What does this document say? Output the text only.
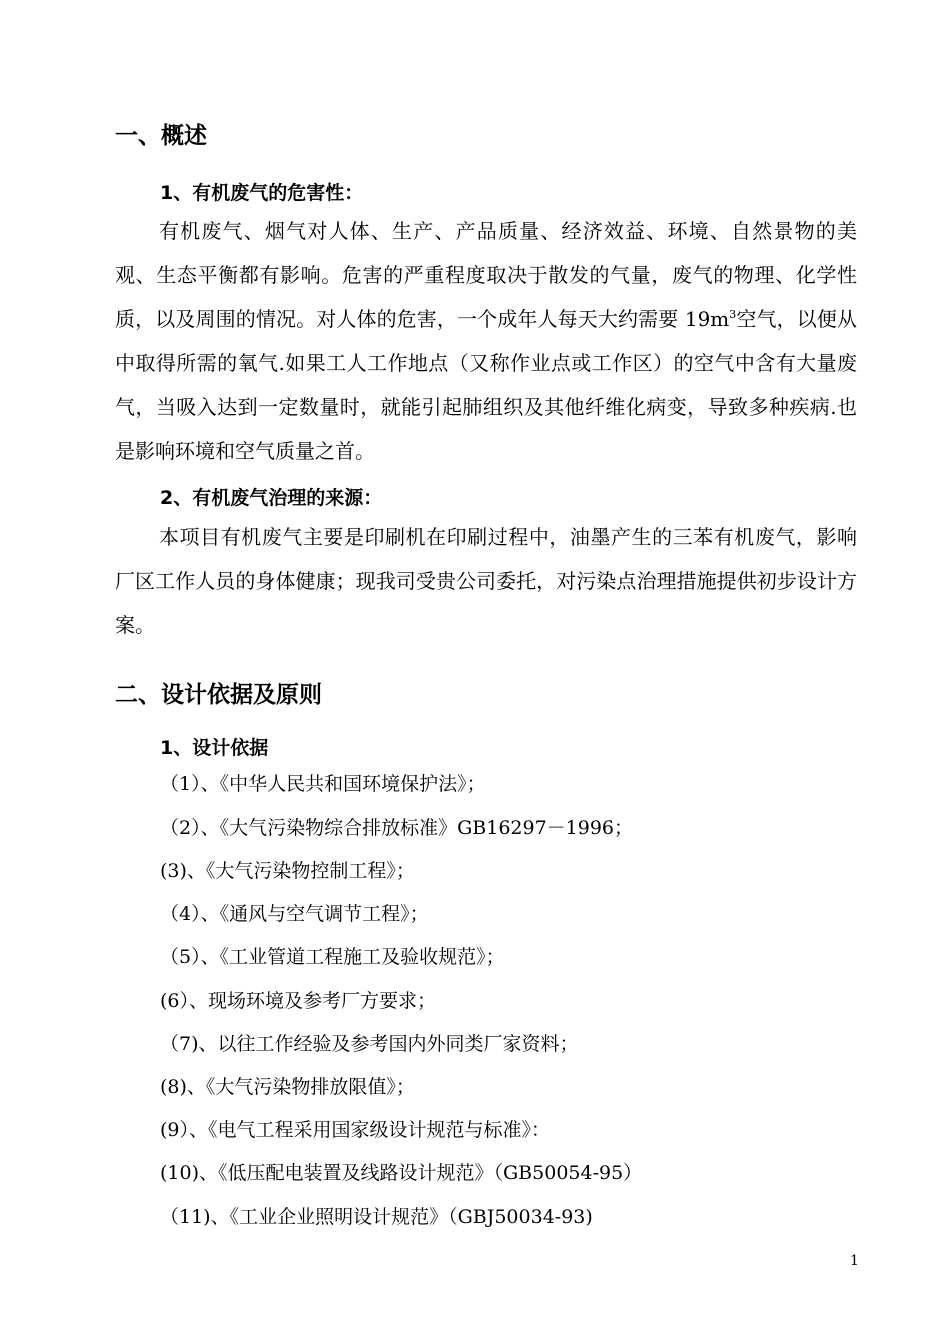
一、概述
1、有机废气的危害性：
有机废气、烟气对人体、生产、产品质量、经济效益、环境、自然景物的美观、生态平衡都有影响。危害的严重程度取决于散发的气量，废气的物理、化学性质，以及周围的情况。对人体的危害，一个成年人每天大约需要 $19m^3$空气，以便从中取得所需的氧气.如果工人工作地点（又称作业点或工作区）的空气中含有大量废气，当吸入达到一定数量时，就能引起肺组织及其他纤维化病变，导致多种疾病.也是影响环境和空气质量之首。
2、有机废气治理的来源：
本项目有机废气主要是印刷机在印刷过程中，油墨产生的三苯有机废气，影响厂区工作人员的身体健康；现我司受贵公司委托，对污染点治理措施提供初步设计方案。
二、设计依据及原则
1、设计依据
（1）、《中华人民共和国环境保护法》；
（2）、《大气污染物综合排放标准》GB16297－1996；
(3)、《大气污染物控制工程》；
（4）、《通风与空气调节工程》；
（5）、《工业管道工程施工及验收规范》；
(6）、现场环境及参考厂方要求；
（7)、以往工作经验及参考国内外同类厂家资料；
(8)、《大气污染物排放限值》；
(9）、《电气工程采用国家级设计规范与标准》：
(10)、《低压配电装置及线路设计规范》（GB50054-95）
（11)、《工业企业照明设计规范》（GBJ50034-93)
1
